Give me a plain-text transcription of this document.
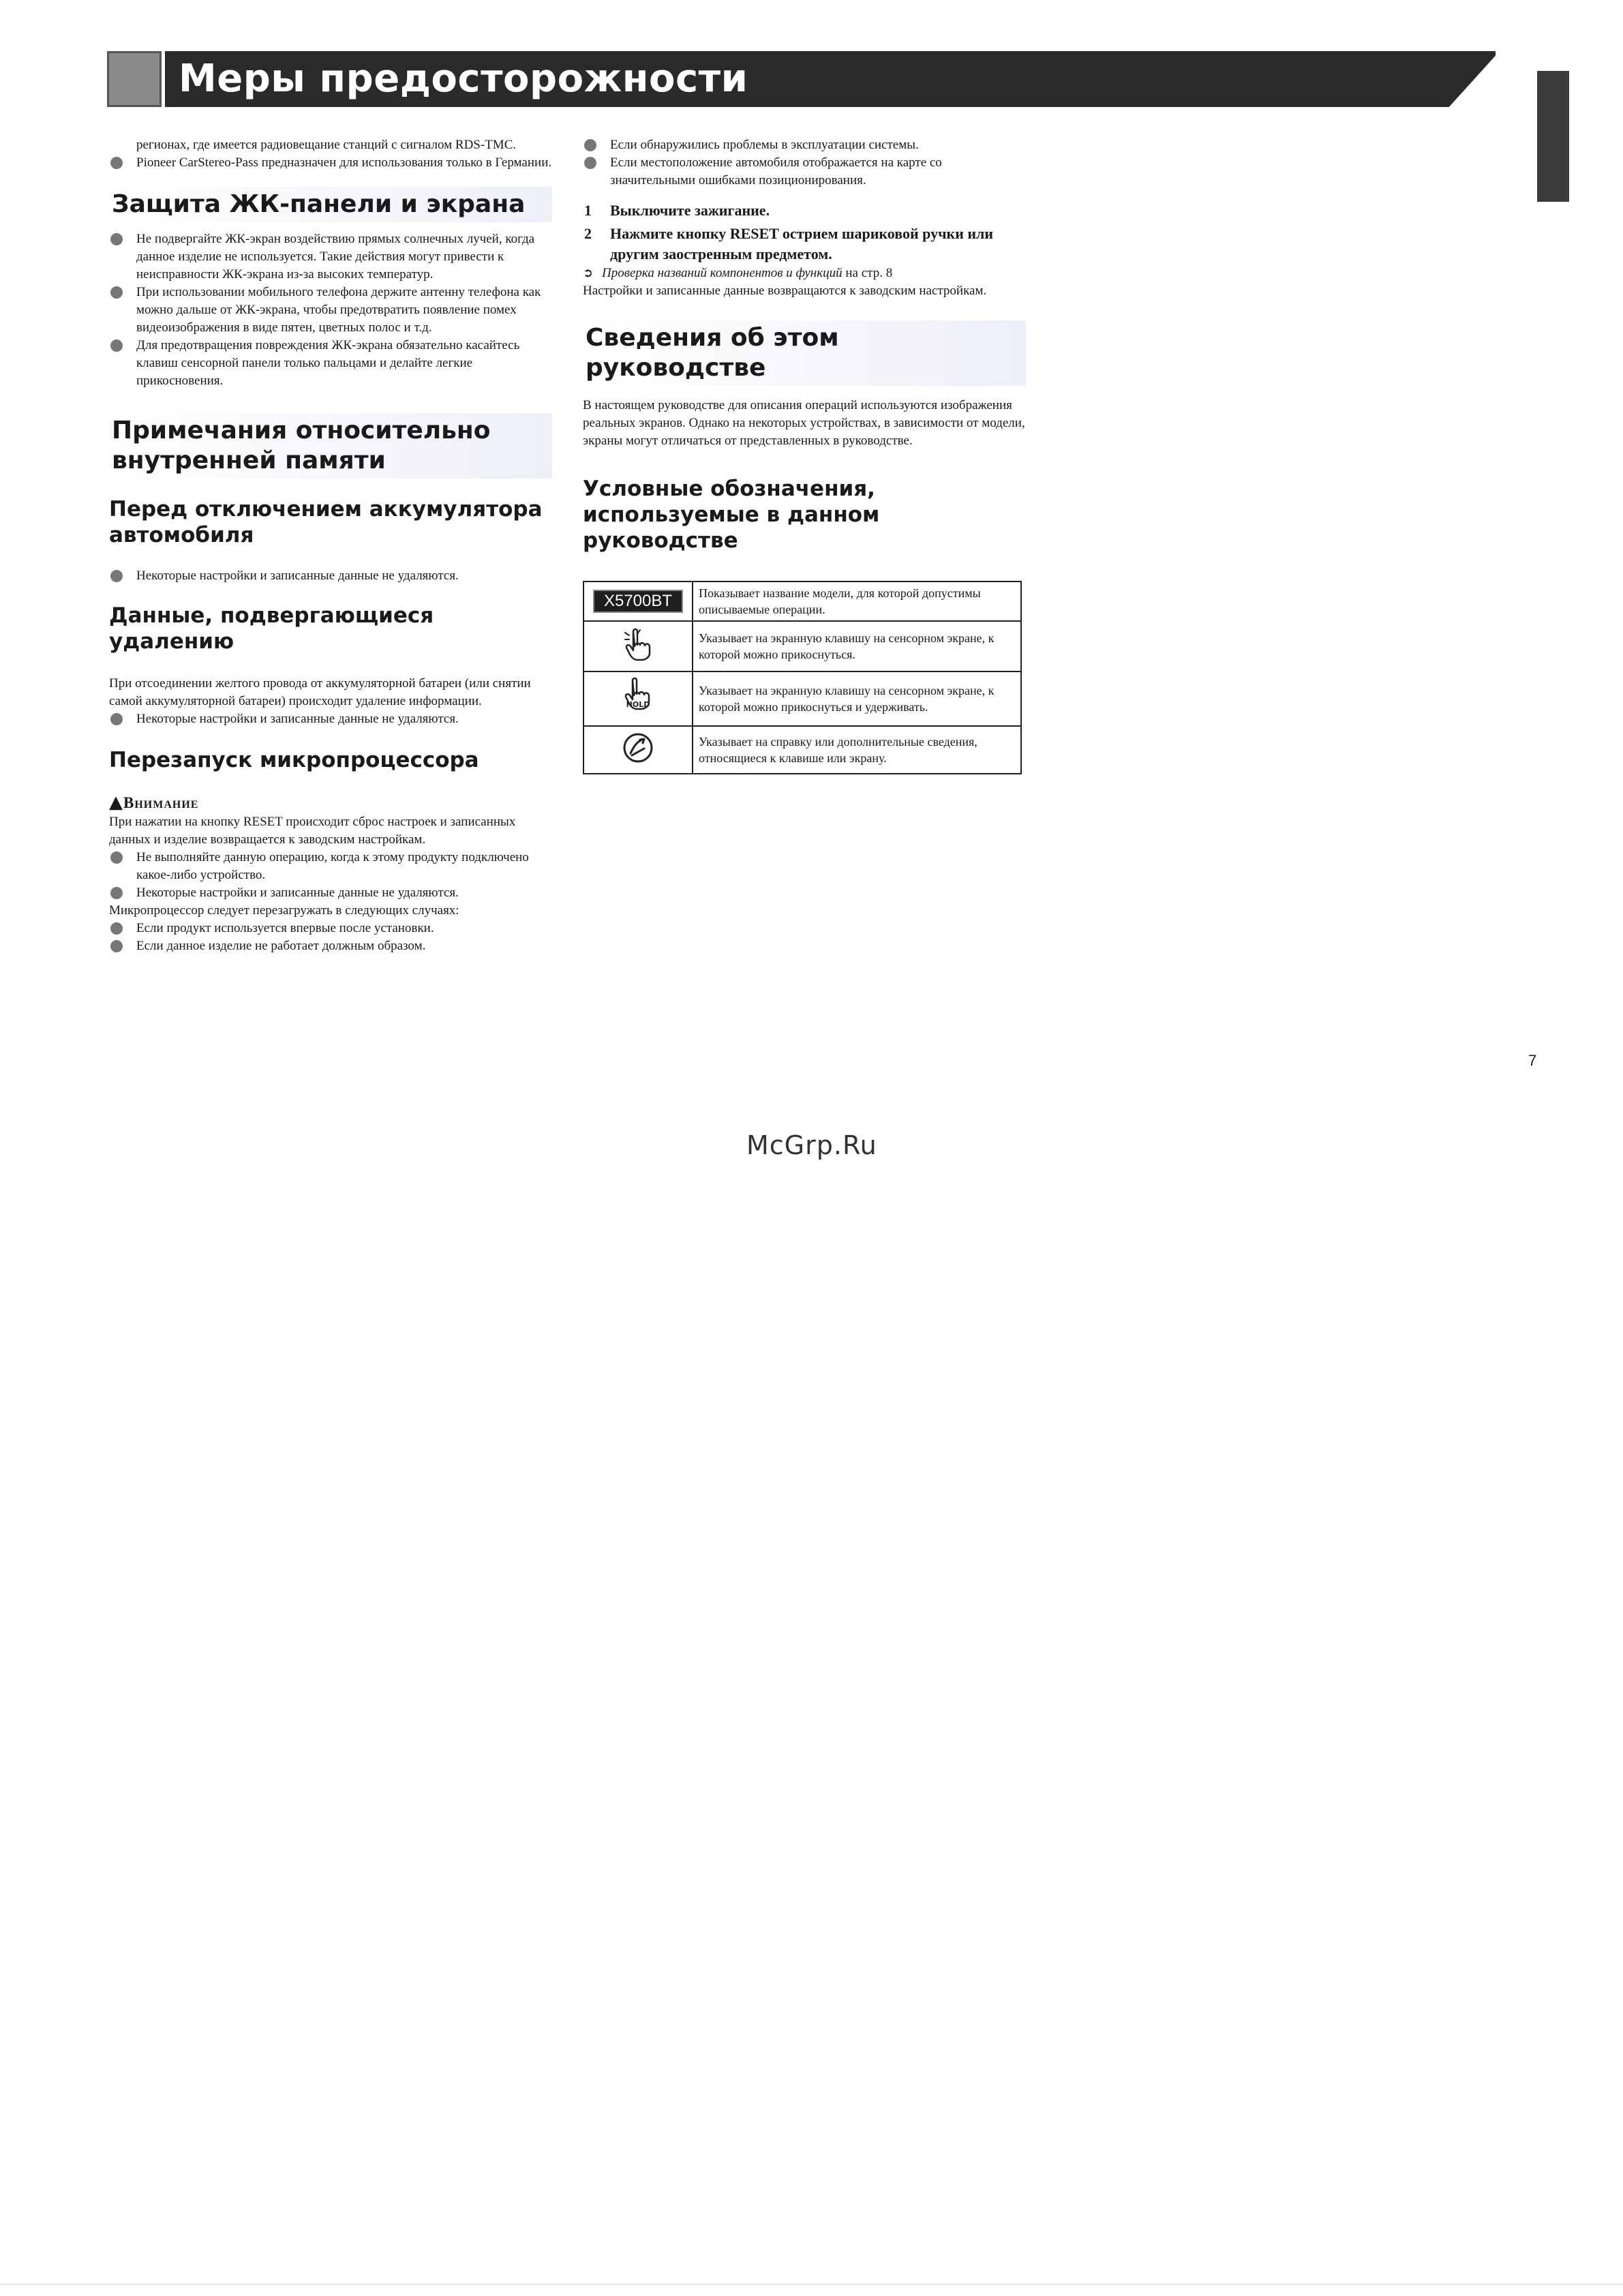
Меры предосторожности
регионах, где имеется радиовещание станций с сигналом RDS-TMC.
Pioneer CarStereo-Pass предназначен для использования только в Германии.
Защита ЖК-панели и экрана
Не подвергайте ЖК-экран воздействию прямых солнечных лучей, когда данное изделие не используется. Такие действия могут привести к неисправности ЖК-экрана из-за высоких температур.
При использовании мобильного телефона держите антенну телефона как можно дальше от ЖК-экрана, чтобы предотвратить появление помех видеоизображения в виде пятен, цветных полос и т.д.
Для предотвращения повреждения ЖК-экрана обязательно касайтесь клавиш сенсорной панели только пальцами и делайте легкие прикосновения.
Примечания относительно внутренней памяти
Перед отключением аккумулятора автомобиля
Некоторые настройки и записанные данные не удаляются.
Данные, подвергающиеся удалению
При отсоединении желтого провода от аккумуляторной батареи (или снятии самой аккумуляторной батареи) происходит удаление информации.
Некоторые настройки и записанные данные не удаляются.
Перезапуск микропроцессора
▲Внимание
При нажатии на кнопку RESET происходит сброс настроек и записанных данных и изделие возвращается к заводским настройкам.
Не выполняйте данную операцию, когда к этому продукту подключено какое-либо устройство.
Некоторые настройки и записанные данные не удаляются.
Микропроцессор следует перезагружать в следующих случаях:
Если продукт используется впервые после установки.
Если данное изделие не работает должным образом.
Если обнаружились проблемы в эксплуатации системы.
Если местоположение автомобиля отображается на карте со значительными ошибками позиционирования.
1 Выключите зажигание.
2 Нажмите кнопку RESET острием шариковой ручки или другим заостренным предметом.
➲ Проверка названий компонентов и функций на стр. 8
Настройки и записанные данные возвращаются к заводским настройкам.
Сведения об этом руководстве
В настоящем руководстве для описания операций используются изображения реальных экранов. Однако на некоторых устройствах, в зависимости от модели, экраны могут отличаться от представленных в руководстве.
Условные обозначения, используемые в данном руководстве
X5700BT	Показывает название модели, для которой допустимы описываемые операции.
	Указывает на экранную клавишу на сенсорном экране, к которой можно прикоснуться.

HOLD	Указывает на экранную клавишу на сенсорном экране, к которой можно прикоснуться и удерживать.
	Указывает на справку или дополнительные сведения, относящиеся к клавише или экрану.
7
McGrp.Ru
